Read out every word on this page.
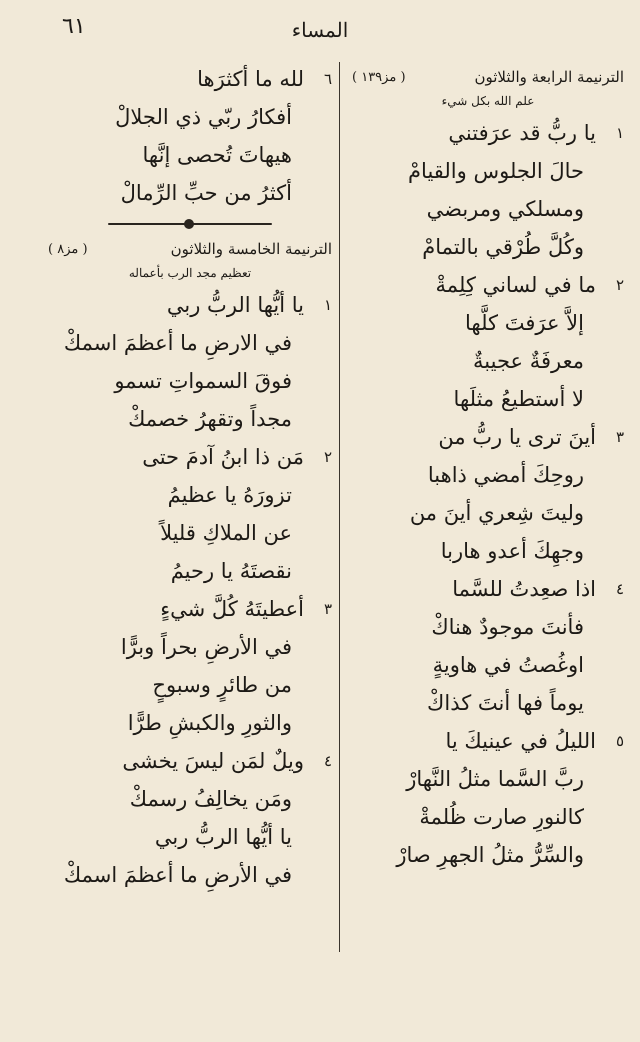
٦١	المساء
الترنيمة الرابعة والثلاثون
( مز١٣٩ )
علم الله بكل شيء
١
يا ربُّ قد عرَفتني
حالَ الجلوس والقيامْ
ومسلكي ومربضي
وكُلَّ طُرْقي بالتمامْ
٢
ما في لساني كِلِمةْ
إلاَّ عرَفتَ كلَّها
معرفَةٌ عجيبةٌ
لا أستطيعُ مثلَها
٣
أينَ ترى يا ربُّ من
روحِكَ أمضي ذاهبا
وليتَ شِعري أينَ من
وجهِكَ أعدو هاربا
٤
اذا صعِدتُ للسَّما
فأنتَ موجودٌ هناكْ
اوغُصتُ في هاويةٍ
يوماً فها أنتَ كذاكْ
٥
الليلُ في عينيكَ يا
ربَّ السَّما مثلُ النَّهارْ
كالنورِ صارت ظُلمةْ
والسِّرُّ مثلُ الجهرِ صارْ
٦
لله ما أكثرَها
أفكارُ ربّي ذي الجلالْ
هيهاتَ تُحصى إنَّها
أكثرُ من حبِّ الرِّمالْ
الترنيمة الخامسة والثلاثون
( مز٨ )
تعظيم مجد الرب بأعماله
١
يا أيُّها الربُّ ربي
في الارضِ ما أعظمَ اسمكْ
فوقَ السمواتِ تسمو
مجداً وتقهرُ خصمكْ
٢
مَن ذا ابنُ آدمَ حتى
تزورَهُ يا عظيمُ
عن الملاكِ قليلاً
نقصتَهُ يا رحيمُ
٣
أعطيتَهُ كُلَّ شيءٍ
في الأرضِ بحراً وبرًّا
من طائرٍ وسبوحٍ
والثورِ والكبشِ طرًّا
٤
ويلٌ لمَن ليسَ يخشى
ومَن يخالِفُ رسمكْ
يا أيُّها الربُّ ربي
في الأرضِ ما أعظمَ اسمكْ
